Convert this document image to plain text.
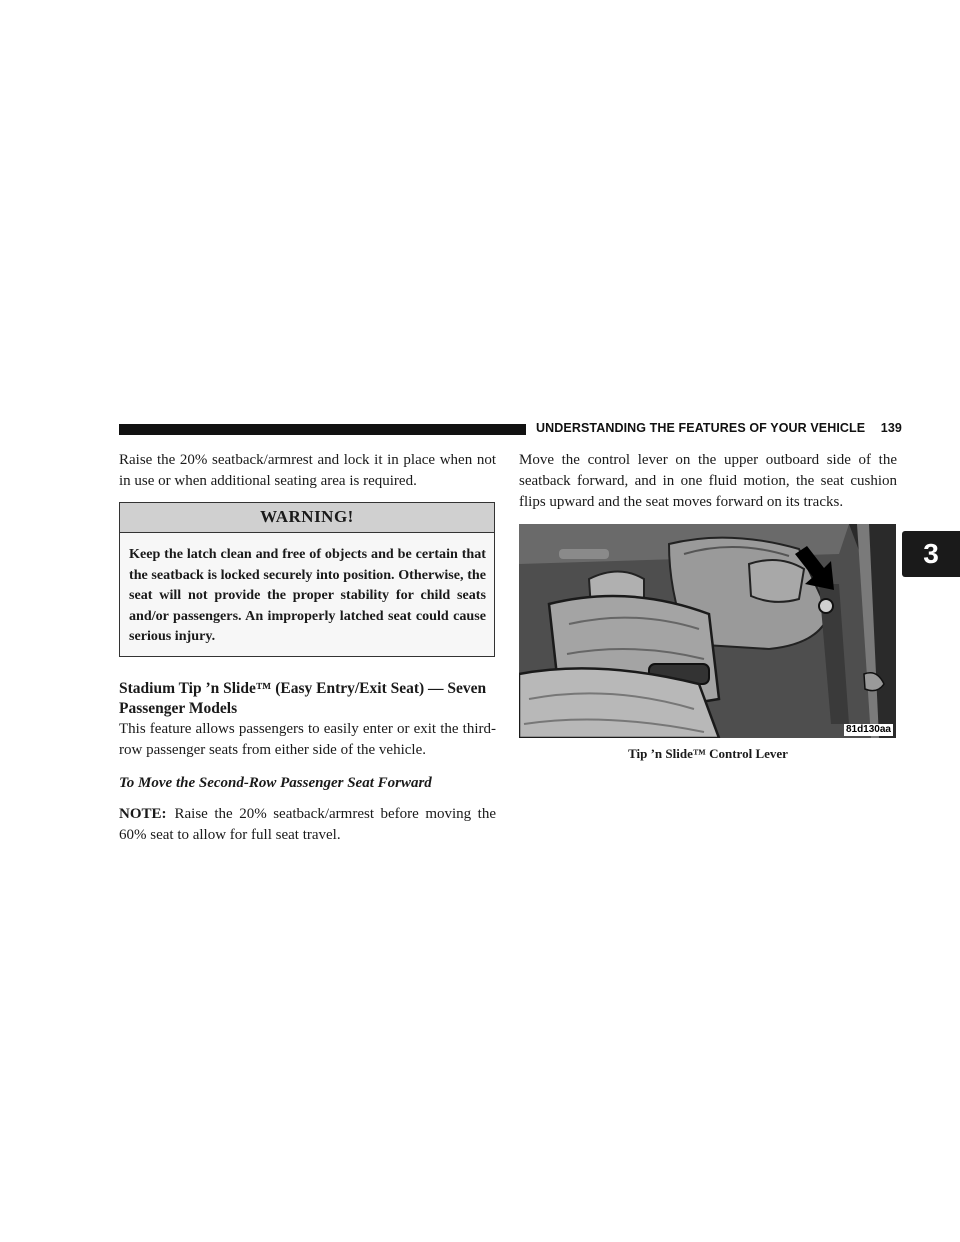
UNDERSTANDING THE FEATURES OF YOUR VEHICLE 139
3

Raise the 20% seatback/armrest and lock it in place when not in use or when additional seating area is required.

WARNING!
Keep the latch clean and free of objects and be certain that the seatback is locked securely into position. Otherwise, the seat will not provide the proper stability for child seats and/or passengers. An improperly latched seat could cause serious injury.
Stadium Tip ’n Slide™ (Easy Entry/Exit Seat) — Seven Passenger Models

This feature allows passengers to easily enter or exit the third-row passenger seats from either side of the vehicle.

To Move the Second-Row Passenger Seat Forward

NOTE: Raise the 20% seatback/armrest before moving the 60% seat to allow for full seat travel.

Move the control lever on the upper outboard side of the seatback forward, and in one fluid motion, the seat cushion flips upward and the seat moves forward on its tracks.

81d130aa
Tip ’n Slide™ Control Lever
